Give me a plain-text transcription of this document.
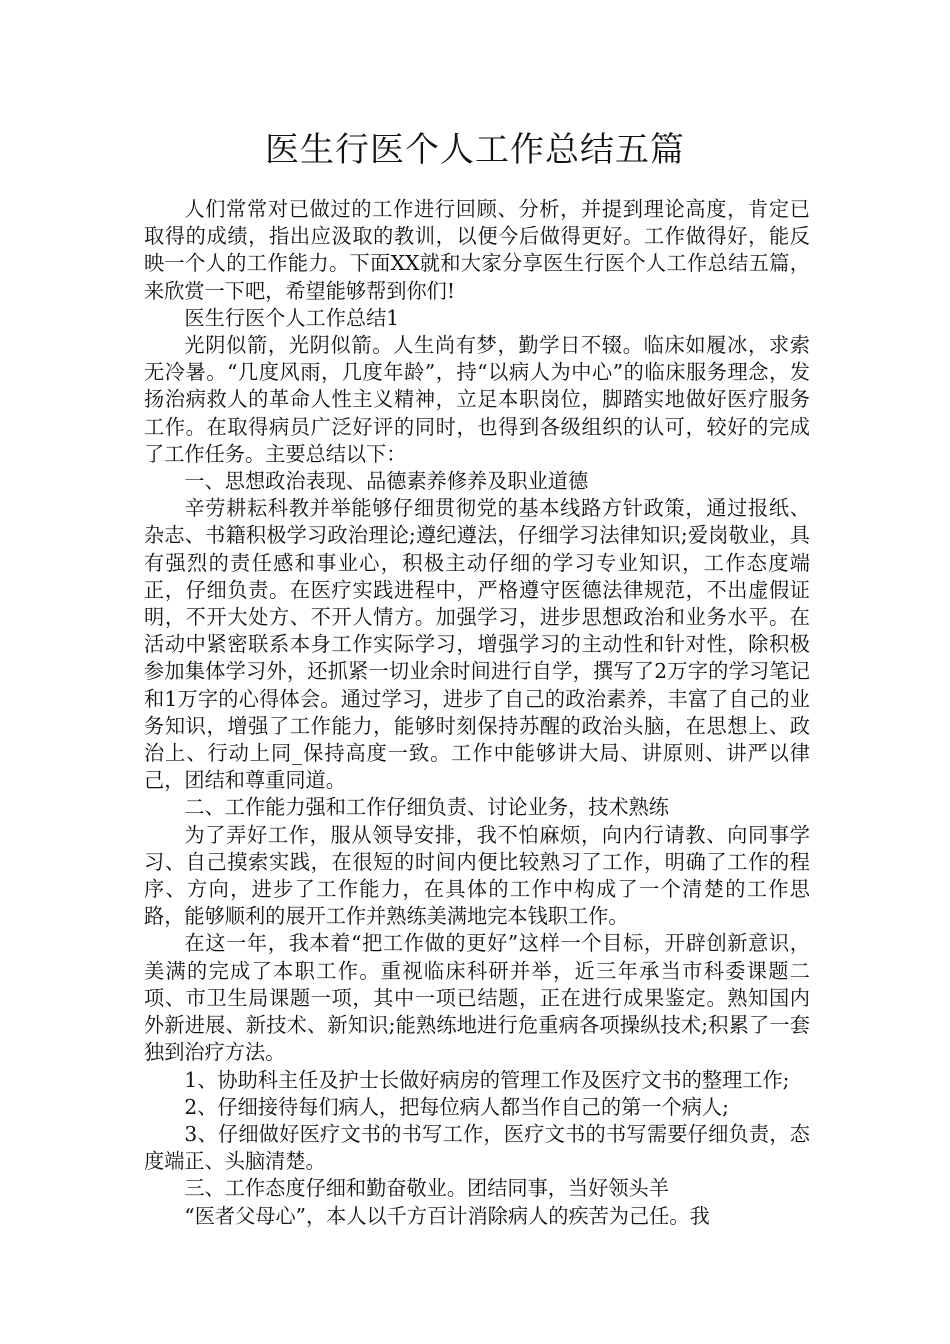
医生行医个人工作总结五篇

人们常常对已做过的工作进行回顾、分析，并提到理论高度，肯定已取得的成绩，指出应汲取的教训，以便今后做得更好。工作做得好，能反映一个人的工作能力。下面XX就和大家分享医生行医个人工作总结五篇，来欣赏一下吧，希望能够帮到你们!

医生行医个人工作总结1

光阴似箭，光阴似箭。人生尚有梦，勤学日不辍。临床如履冰，求索无冷暑。“几度风雨，几度年龄”，持“以病人为中心”的临床服务理念，发扬治病救人的革命人性主义精神，立足本职岗位，脚踏实地做好医疗服务工作。在取得病员广泛好评的同时，也得到各级组织的认可，较好的完成了工作任务。主要总结以下：

一、思想政治表现、品德素养修养及职业道德

辛劳耕耘科教并举能够仔细贯彻党的基本线路方针政策，通过报纸、杂志、书籍积极学习政治理论;遵纪遵法，仔细学习法律知识;爱岗敬业，具有强烈的责任感和事业心，积极主动仔细的学习专业知识，工作态度端正，仔细负责。在医疗实践进程中，严格遵守医德法律规范，不出虚假证明，不开大处方、不开人情方。加强学习，进步思想政治和业务水平。在活动中紧密联系本身工作实际学习，增强学习的主动性和针对性，除积极参加集体学习外，还抓紧一切业余时间进行自学，撰写了2万字的学习笔记和1万字的心得体会。通过学习，进步了自己的政治素养，丰富了自己的业务知识，增强了工作能力，能够时刻保持苏醒的政治头脑，在思想上、政治上、行动上同_保持高度一致。工作中能够讲大局、讲原则、讲严以律己，团结和尊重同道。

二、工作能力强和工作仔细负责、讨论业务，技术熟练

为了弄好工作，服从领导安排，我不怕麻烦，向内行请教、向同事学习、自己摸索实践，在很短的时间内便比较熟习了工作，明确了工作的程序、方向，进步了工作能力，在具体的工作中构成了一个清楚的工作思路，能够顺利的展开工作并熟练美满地完本钱职工作。

在这一年，我本着“把工作做的更好”这样一个目标，开辟创新意识，美满的完成了本职工作。重视临床科研并举，近三年承当市科委课题二项、市卫生局课题一项，其中一项已结题，正在进行成果鉴定。熟知国内外新进展、新技术、新知识;能熟练地进行危重病各项操纵技术;积累了一套独到治疗方法。

1、协助科主任及护士长做好病房的管理工作及医疗文书的整理工作;

2、仔细接待每们病人，把每位病人都当作自己的第一个病人;

3、仔细做好医疗文书的书写工作，医疗文书的书写需要仔细负责，态度端正、头脑清楚。

三、工作态度仔细和勤奋敬业。团结同事，当好领头羊

“医者父母心”，本人以千方百计消除病人的疾苦为己任。我
